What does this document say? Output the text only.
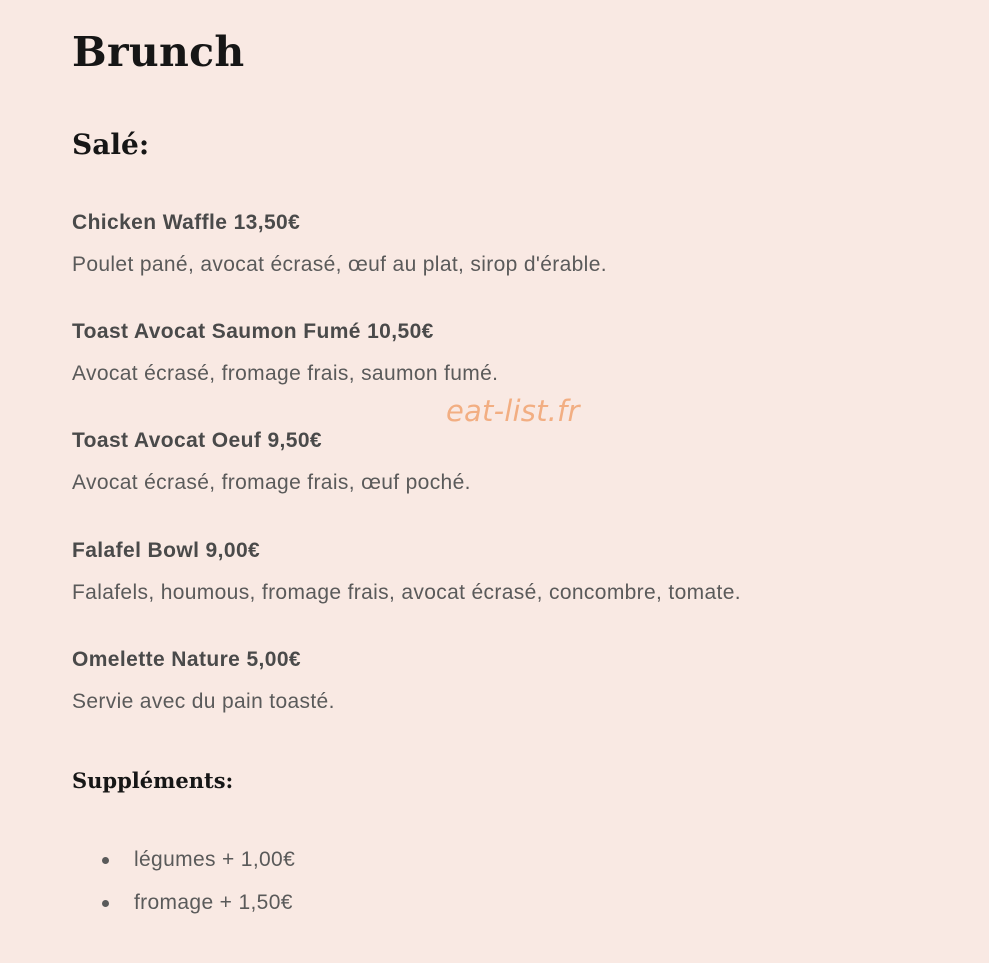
Brunch
Salé:
Chicken Waffle 13,50€
Poulet pané, avocat écrasé, œuf au plat, sirop d'érable.
Toast Avocat Saumon Fumé 10,50€
Avocat écrasé, fromage frais, saumon fumé.
Toast Avocat Oeuf 9,50€
Avocat écrasé, fromage frais, œuf poché.
Falafel Bowl 9,00€
Falafels, houmous, fromage frais, avocat écrasé, concombre, tomate.
Omelette Nature 5,00€
Servie avec du pain toasté.
Suppléments:
légumes + 1,00€
fromage + 1,50€
eat-list.fr
